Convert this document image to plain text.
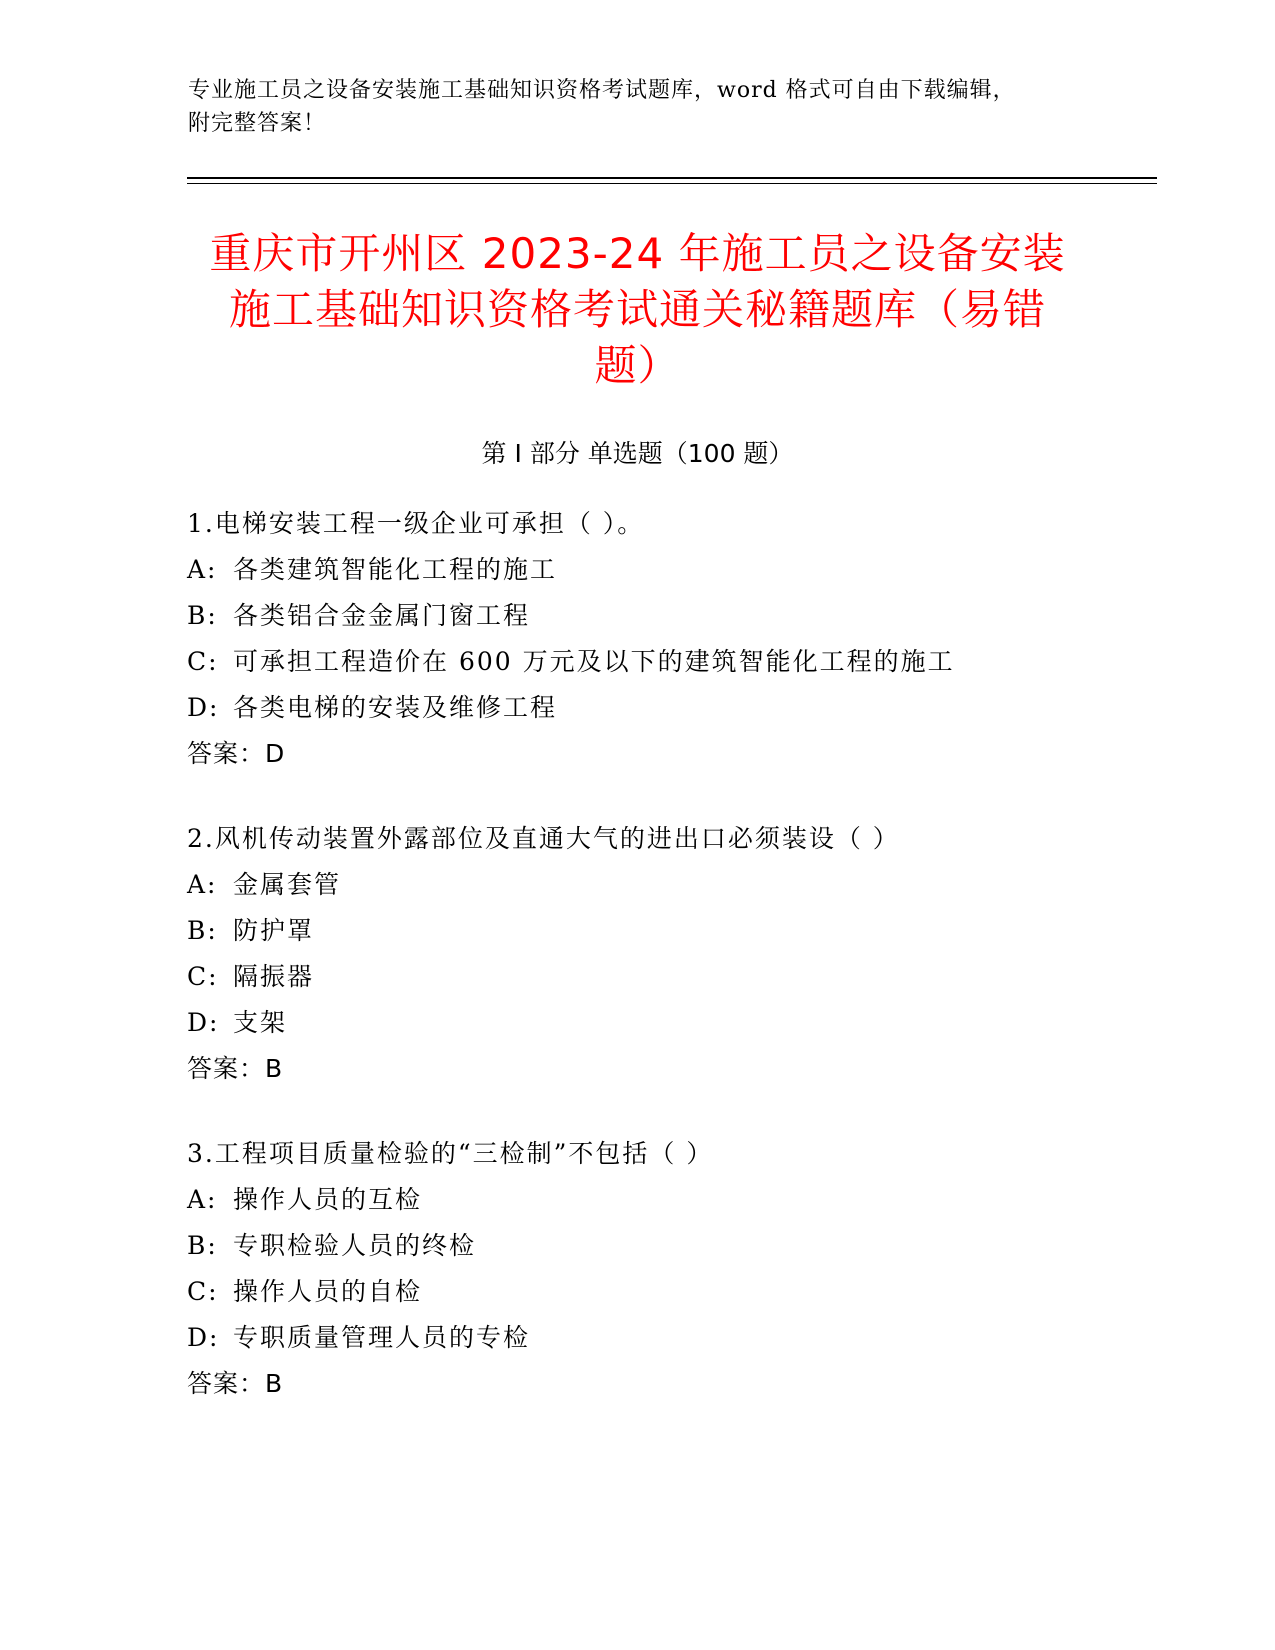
专业施工员之设备安装施工基础知识资格考试题库，word 格式可自由下载编辑，
附完整答案！
重庆市开州区 2023-24 年施工员之设备安装
施工基础知识资格考试通关秘籍题库（易错
题）
第 I 部分 单选题（100 题）
1.电梯安装工程一级企业可承担（ ）。
A: 各类建筑智能化工程的施工
B: 各类铝合金金属门窗工程
C: 可承担工程造价在 600 万元及以下的建筑智能化工程的施工
D: 各类电梯的安装及维修工程
答案：D
2.风机传动装置外露部位及直通大气的进出口必须装设（ ）
A: 金属套管
B: 防护罩
C: 隔振器
D: 支架
答案：B
3.工程项目质量检验的“三检制”不包括（ ）
A: 操作人员的互检
B: 专职检验人员的终检
C: 操作人员的自检
D: 专职质量管理人员的专检
答案：B
